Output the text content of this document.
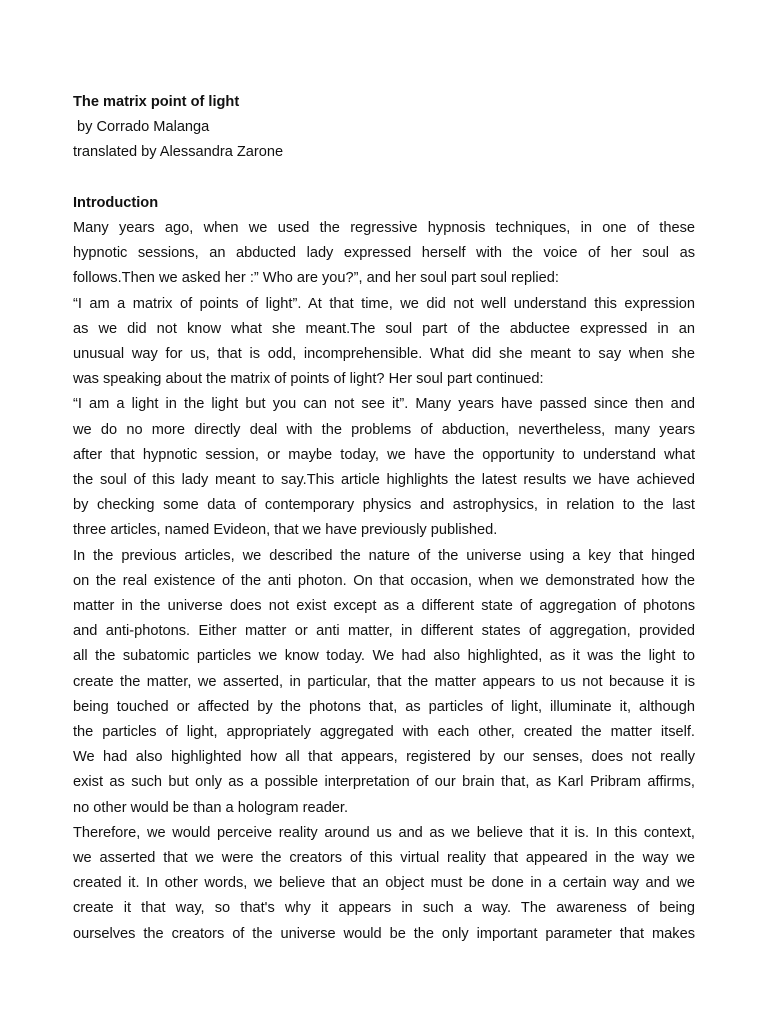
The matrix point of light
by Corrado Malanga
translated by Alessandra Zarone
Introduction
Many years ago, when we used the regressive hypnosis techniques, in one of these
hypnotic sessions, an abducted lady expressed herself with the voice of her soul as
follows.Then we asked her :” Who are you?”, and her soul part soul replied:
“I am a matrix of points of light”. At that time, we did not well understand this expression
as we did not know what she meant.The soul part of the abductee expressed in an
unusual way for us, that is odd, incomprehensible. What did she meant to say when she
was speaking about the matrix of points of light? Her soul part continued:
“I am a light in the light but you can not see it”. Many years have passed since then and
we do no more directly deal with the problems of abduction, nevertheless, many years
after that hypnotic session, or maybe today, we have the opportunity to understand what
the soul of this lady meant to say.This article highlights the latest results we have achieved
by checking some data of contemporary physics and astrophysics, in relation to the last
three articles, named Evideon, that we have previously published.
In the previous articles, we described the nature of the universe using a key that hinged
on the real existence of the anti photon. On that occasion, when we demonstrated how the
matter in the universe does not exist except as a different state of aggregation of photons
and anti-photons. Either matter or anti matter, in different states of aggregation, provided
all the subatomic particles we know today. We had also highlighted, as it was the light to
create the matter, we asserted, in particular, that the matter appears to us not because it is
being touched or affected by the photons that, as particles of light, illuminate it, although
the particles of light, appropriately aggregated with each other, created the matter itself.
We had also highlighted how all that appears, registered by our senses, does not really
exist as such but only as a possible interpretation of our brain that, as Karl Pribram affirms,
no other would be than a hologram reader.
Therefore, we would perceive reality around us and as we believe that it is. In this context,
we asserted that we were the creators of this virtual reality that appeared in the way we
created it. In other words, we believe that an object must be done in a certain way and we
create it that way, so that's why it appears in such a way. The awareness of being
ourselves the creators of the universe would be the only important parameter that makes
